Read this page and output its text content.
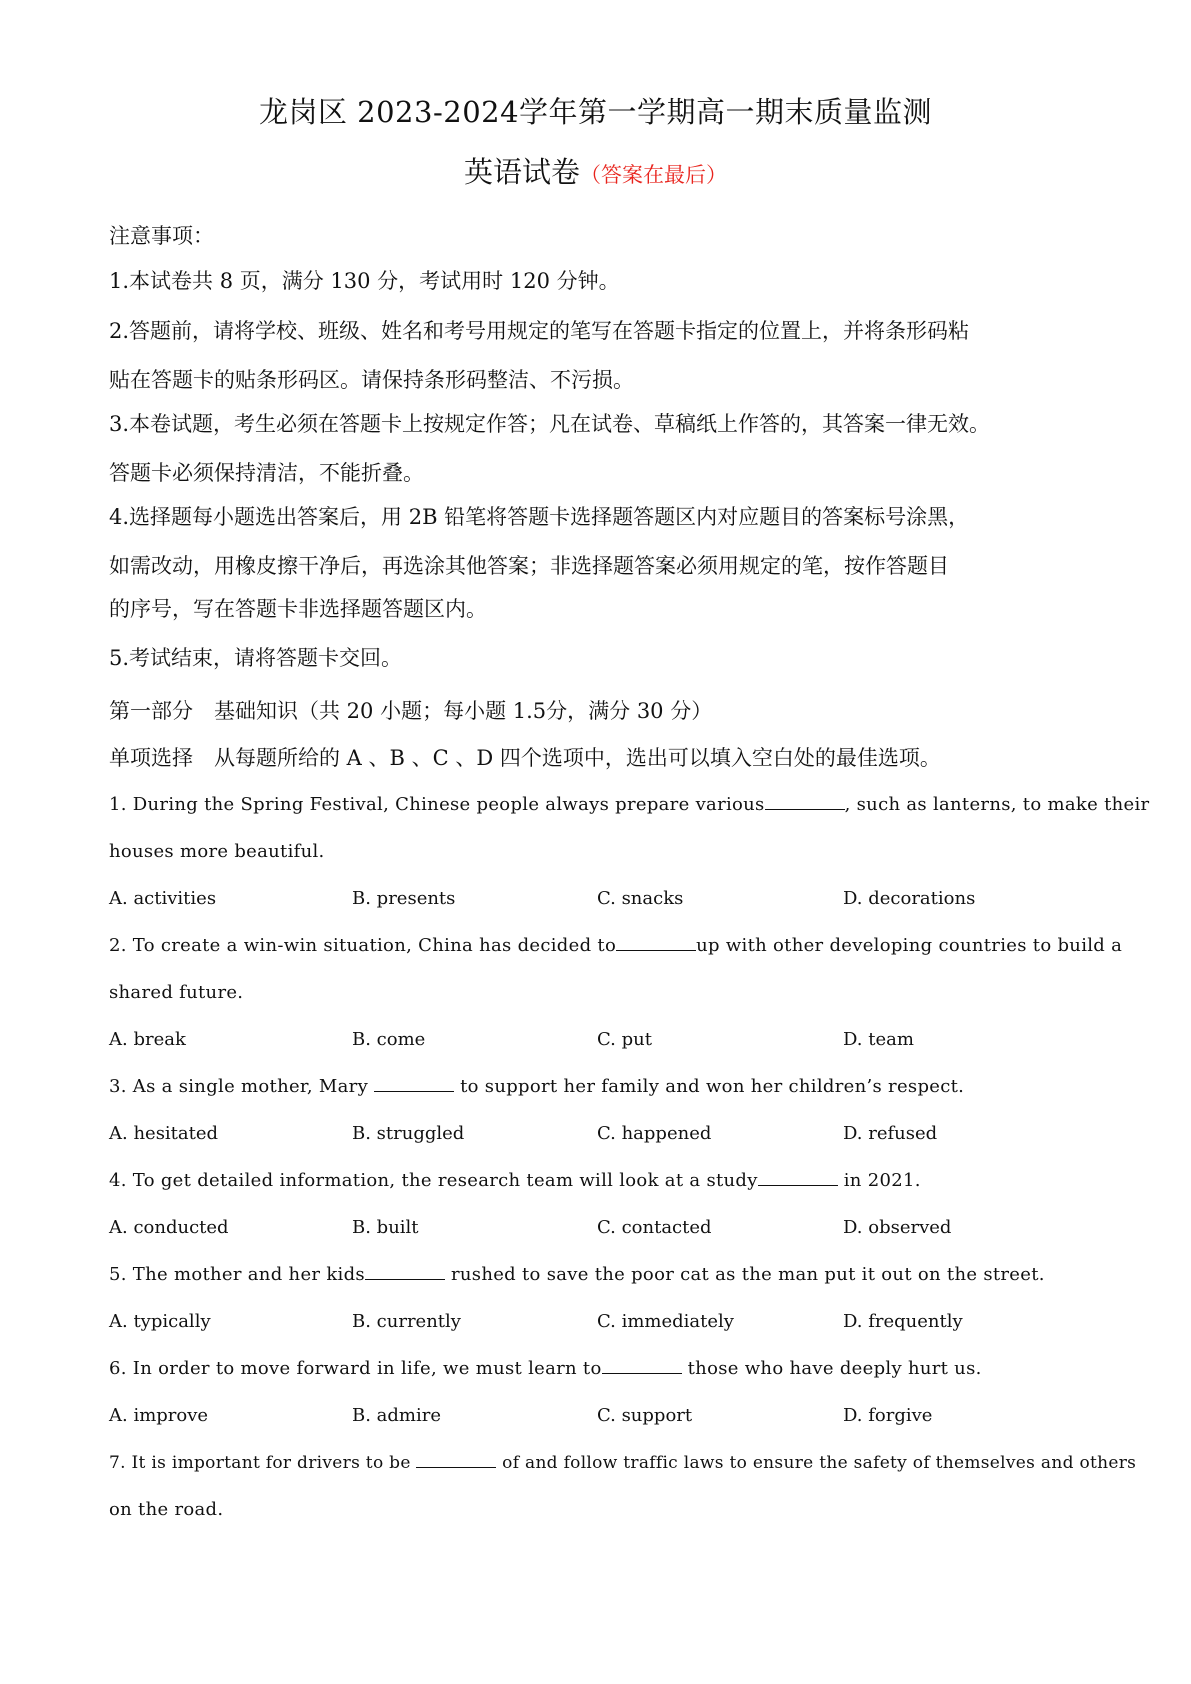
龙岗区 2023-2024学年第一学期高一期末质量监测
英语试卷（答案在最后）
注意事项：
1.本试卷共 8 页，满分 130 分，考试用时 120 分钟。
2.答题前，请将学校、班级、姓名和考号用规定的笔写在答题卡指定的位置上，并将条形码粘
贴在答题卡的贴条形码区。请保持条形码整洁、不污损。
3.本卷试题，考生必须在答题卡上按规定作答；凡在试卷、草稿纸上作答的，其答案一律无效。
答题卡必须保持清洁，不能折叠。
4.选择题每小题选出答案后，用 2B 铅笔将答题卡选择题答题区内对应题目的答案标号涂黑，
如需改动，用橡皮擦干净后，再选涂其他答案；非选择题答案必须用规定的笔，按作答题目
的序号，写在答题卡非选择题答题区内。
5.考试结束，请将答题卡交回。
第一部分　基础知识（共 20 小题；每小题 1.5分，满分 30 分）
单项选择　从每题所给的 A 、B 、C 、D 四个选项中，选出可以填入空白处的最佳选项。
1. During the Spring Festival, Chinese people always prepare various	, such as lanterns, to make their
houses more beautiful.
A. activities	B. presents	C. snacks	D. decorations
2. To create a win-win situation, China has decided to	up with other developing countries to build a
shared future.
A. break	B. come	C. put	D. team
3. As a single mother, Mary	to support her family and won her children’s respect.
A. hesitated	B. struggled	C. happened	D. refused
4. To get detailed information, the research team will look at a study	in 2021.
A. conducted	B. built	C. contacted	D. observed
5. The mother and her kids	rushed to save the poor cat as the man put it out on the street.
A. typically	B. currently	C. immediately	D. frequently
6. In order to move forward in life, we must learn to	those who have deeply hurt us.
A. improve	B. admire	C. support	D. forgive
7. It is important for drivers to be	of and follow traffic laws to ensure the safety of themselves and others
on the road.
